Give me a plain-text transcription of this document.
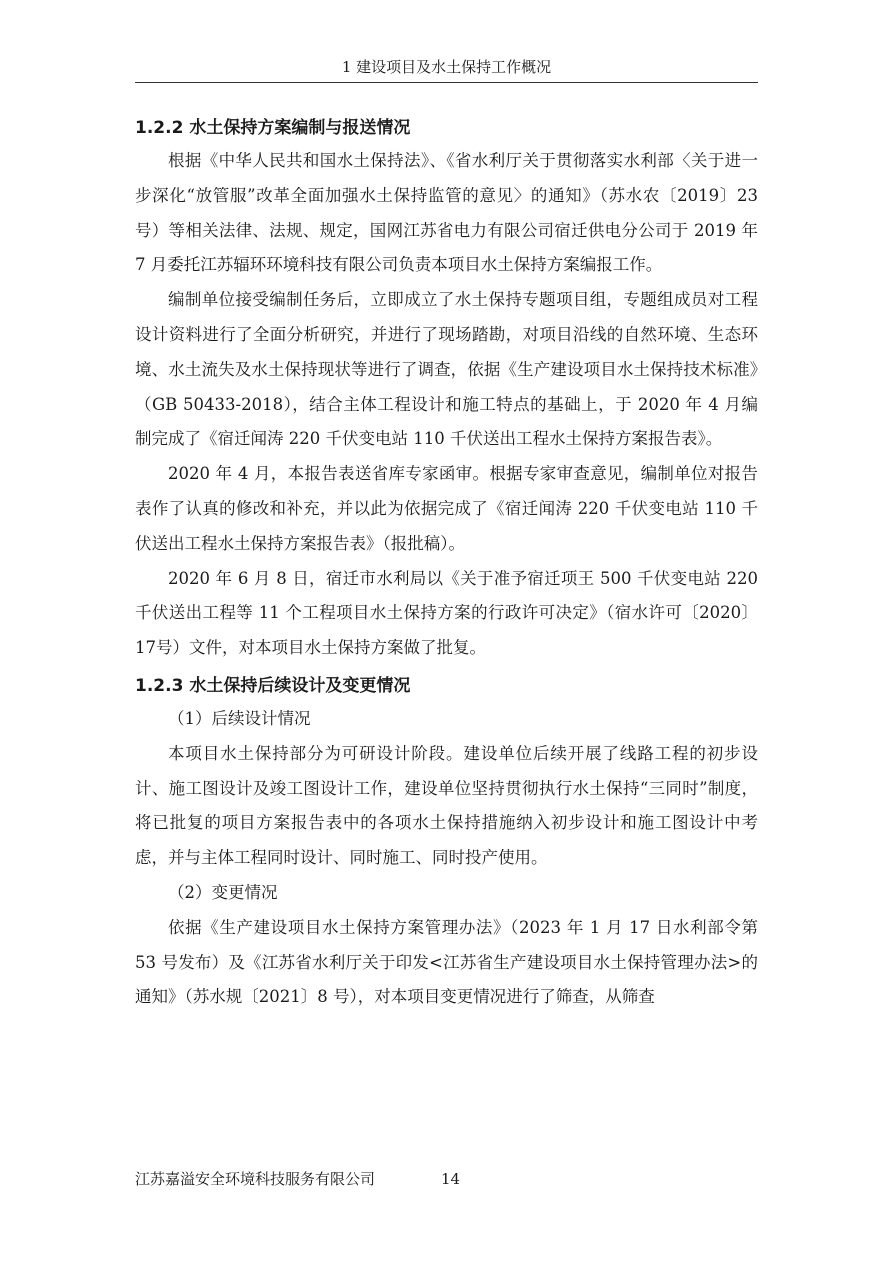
1 建设项目及水土保持工作概况
1.2.2 水土保持方案编制与报送情况

根据《中华人民共和国水土保持法》、《省水利厅关于贯彻落实水利部〈关于进一步深化“放管服”改革全面加强水土保持监管的意见〉的通知》（苏水农〔2019〕23号）等相关法律、法规、规定，国网江苏省电力有限公司宿迁供电分公司于 2019 年 7 月委托江苏辐环环境科技有限公司负责本项目水土保持方案编报工作。

编制单位接受编制任务后，立即成立了水土保持专题项目组，专题组成员对工程设计资料进行了全面分析研究，并进行了现场踏勘，对项目沿线的自然环境、生态环境、水土流失及水土保持现状等进行了调查，依据《生产建设项目水土保持技术标准》（GB 50433-2018），结合主体工程设计和施工特点的基础上，于 2020 年 4 月编制完成了《宿迁闻涛 220 千伏变电站 110 千伏送出工程水土保持方案报告表》。

2020 年 4 月，本报告表送省库专家函审。根据专家审查意见，编制单位对报告表作了认真的修改和补充，并以此为依据完成了《宿迁闻涛 220 千伏变电站 110 千伏送出工程水土保持方案报告表》（报批稿）。

2020 年 6 月 8 日，宿迁市水利局以《关于准予宿迁项王 500 千伏变电站 220 千伏送出工程等 11 个工程项目水土保持方案的行政许可决定》（宿水许可〔2020〕17号）文件，对本项目水土保持方案做了批复。

1.2.3 水土保持后续设计及变更情况

（1）后续设计情况

本项目水土保持部分为可研设计阶段。建设单位后续开展了线路工程的初步设计、施工图设计及竣工图设计工作，建设单位坚持贯彻执行水土保持“三同时”制度，将已批复的项目方案报告表中的各项水土保持措施纳入初步设计和施工图设计中考虑，并与主体工程同时设计、同时施工、同时投产使用。

（2）变更情况

依据《生产建设项目水土保持方案管理办法》（2023 年 1 月 17 日水利部令第 53 号发布）及《江苏省水利厅关于印发<江苏省生产建设项目水土保持管理办法>的通知》（苏水规〔2021〕8 号），对本项目变更情况进行了筛查，从筛查

江苏嘉溢安全环境科技服务有限公司	14
